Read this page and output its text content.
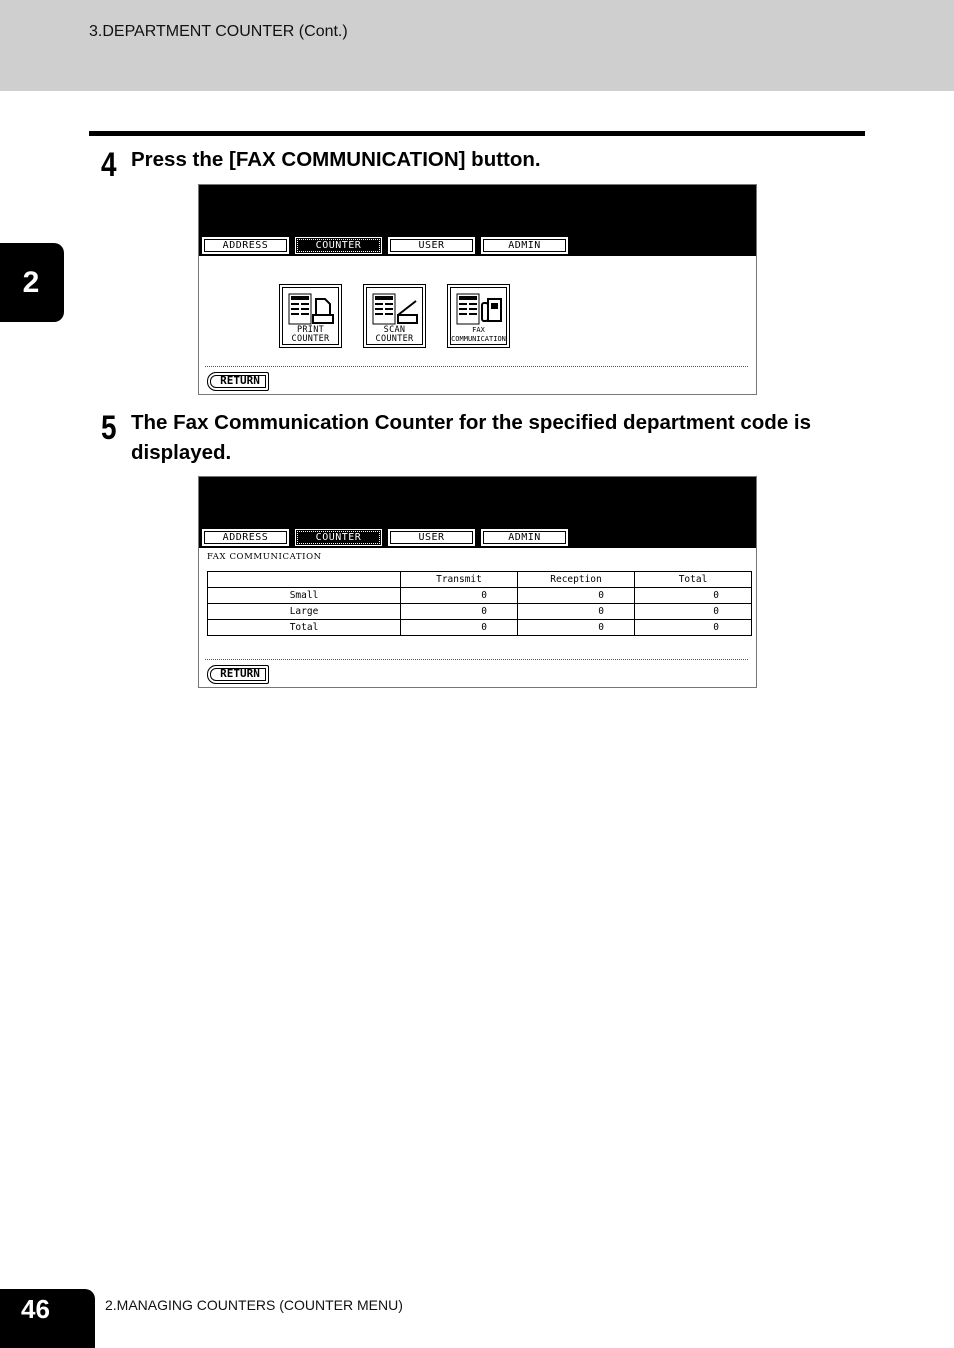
3.DEPARTMENT COUNTER (Cont.)
2
4 Press the [FAX COMMUNICATION] button.
ADDRESS	COUNTER	USER	ADMIN
PRINT
COUNTER
SCAN
COUNTER
FAX
COMMUNICATION
RETURN
5 The Fax Communication Counter for the specified department code is
displayed.
ADDRESS	COUNTER	USER	ADMIN
FAX COMMUNICATION
	Transmit	Reception	Total
Small	0	0	0
Large	0	0	0
Total	0	0	0
RETURN
46	2.MANAGING COUNTERS (COUNTER MENU)
